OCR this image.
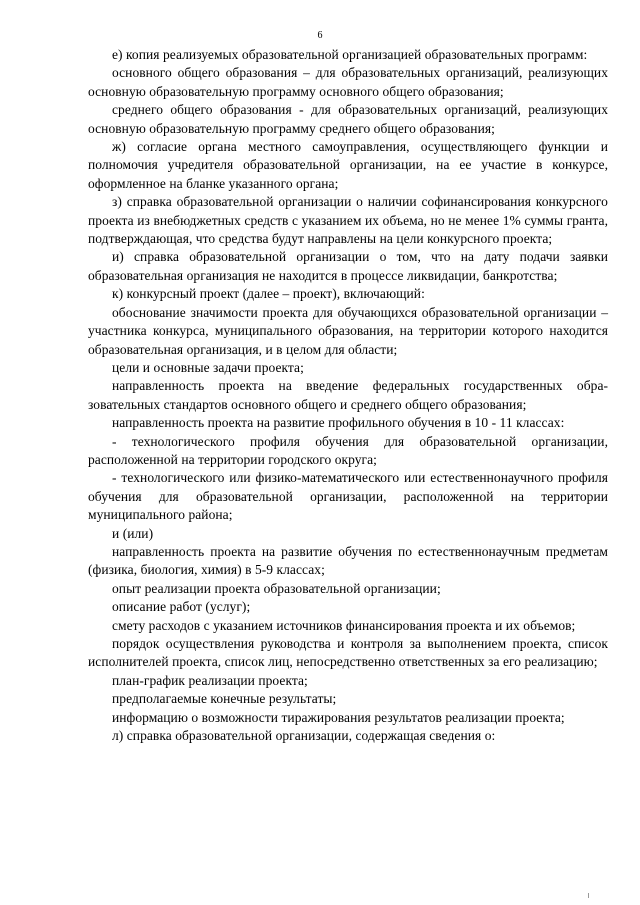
6

е) копия реализуемых образовательной организацией образовательных программ:

основного общего образования – для образовательных организаций, реализующих основную образовательную программу основного общего образования;

среднего общего образования - для образовательных организаций, реализующих основную образовательную программу среднего общего образования;

ж) согласие органа местного самоуправления, осуществляющего функции и полномочия учредителя образовательной организации, на ее участие в конкурсе, оформленное на бланке указанного органа;

з) справка образовательной организации о наличии софинансирования конкурсного проекта из внебюджетных средств с указанием их объема, но не менее 1% суммы гранта, подтверждающая, что средства будут направлены на цели конкурсного проекта;

и) справка образовательной организации о том, что на дату подачи заявки образовательная организация не находится в процессе ликвидации, банкротства;

к) конкурсный проект (далее – проект), включающий:

обоснование значимости проекта для обучающихся образовательной организации – участника конкурса, муниципального образования, на территории которого находится образовательная организация, и в целом для области;

цели и основные задачи проекта;

направленность проекта на введение федеральных государственных образовательных стандартов основного общего и среднего общего образования;

направленность проекта на развитие профильного обучения в 10 - 11 классах:

- технологического профиля обучения для образовательной организации, расположенной на территории городского округа;

- технологического или физико-математического или естественнонаучного профиля обучения для образовательной организации, расположенной на территории муниципального района;

и (или)

направленность проекта на развитие обучения по естественнонаучным предметам (физика, биология, химия) в 5-9 классах;

опыт реализации проекта образовательной организации;

описание работ (услуг);

смету расходов с указанием источников финансирования проекта и их объемов;

порядок осуществления руководства и контроля за выполнением проекта, список исполнителей проекта, список лиц, непосредственно ответственных за его реализацию;

план-график реализации проекта;

предполагаемые конечные результаты;

информацию о возможности тиражирования результатов реализации проекта;

л) справка образовательной организации, содержащая сведения о:
